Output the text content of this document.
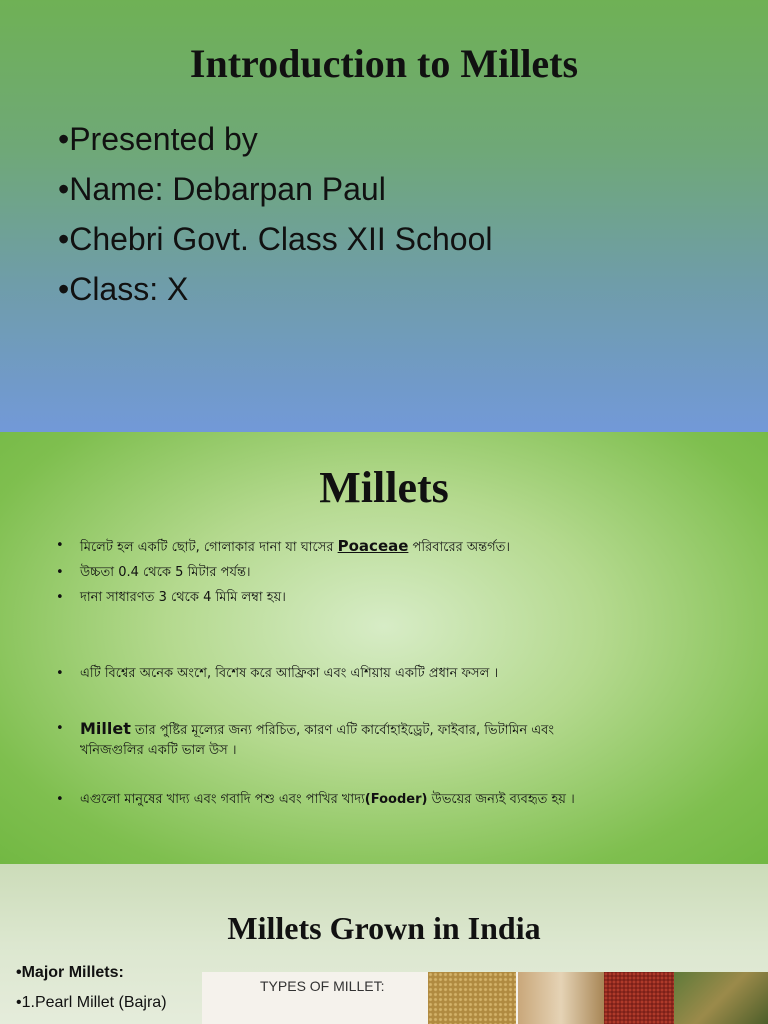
Introduction to Millets
•Presented by
•Name: Debarpan Paul
•Chebri Govt. Class XII School
•Class: X
Millets
মিলেট হল একটি ছোট, গোলাকার দানা যা ঘাসের Poaceae পরিবারের অন্তর্গত।
উচ্চতা 0.4 থেকে 5 মিটার পর্যন্ত।
দানা সাধারণত 3 থেকে 4 মিমি লম্বা হয়।
এটি বিশ্বের অনেক অংশে, বিশেষ করে আফ্রিকা এবং এশিয়ায় একটি প্রধান ফসল ।
Millet তার পুষ্টির মূল্যের জন্য পরিচিত, কারণ এটি কার্বোহাইড্রেট, ফাইবার, ভিটামিন এবং খনিজগুলির একটি ভাল উস ।
এগুলো মানুষের খাদ্য এবং গবাদি পশু এবং পাখির খাদ্য(Fooder) উভয়ের জন্যই ব্যবহৃত হয় ।
Millets Grown in India
•Major Millets:
•1.Pearl Millet (Bajra)
TYPES OF MILLET:
